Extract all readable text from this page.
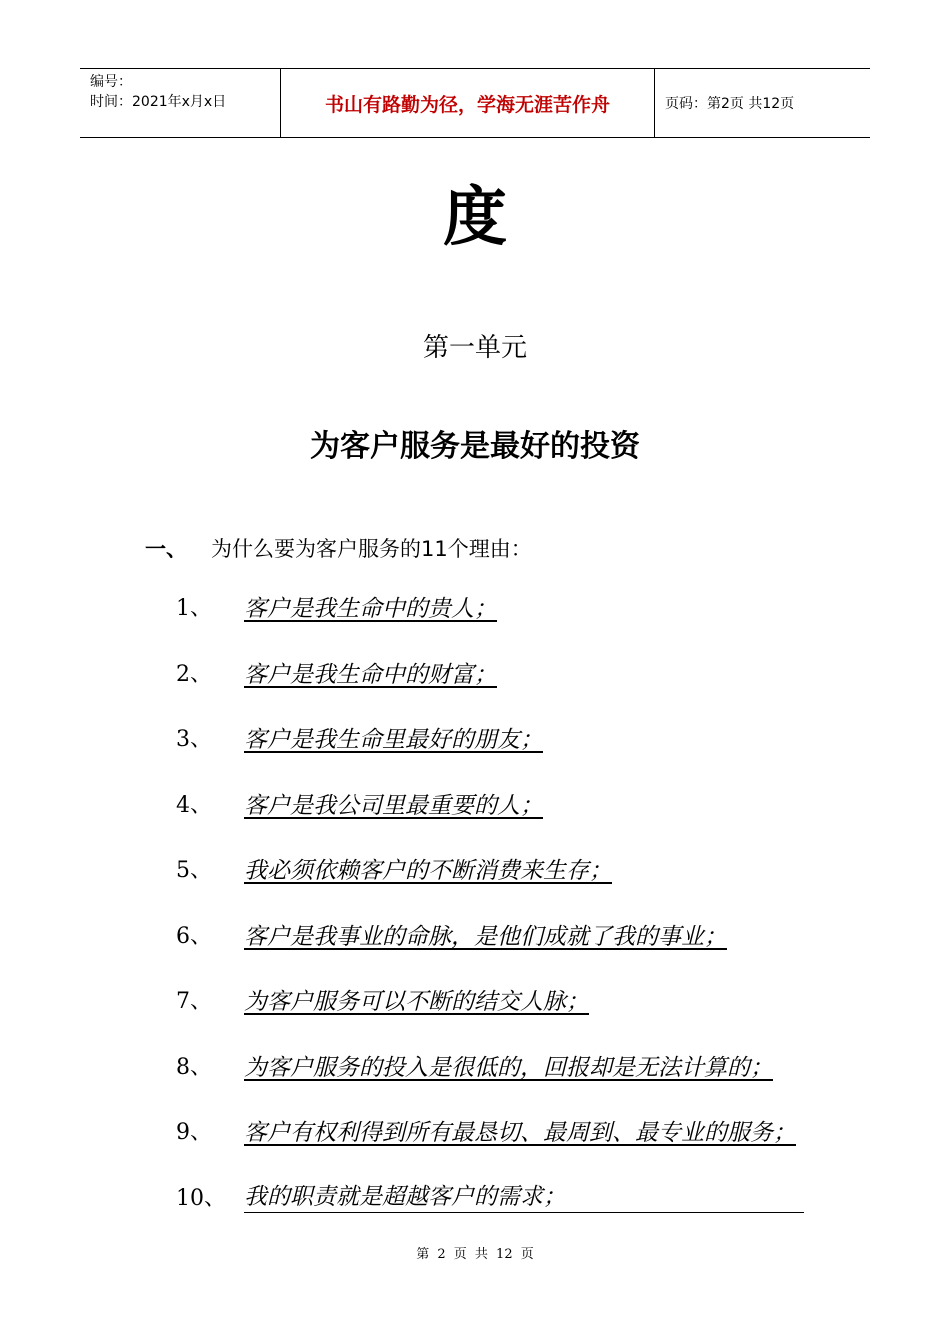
编号：
时间：2021年x月x日	书山有路勤为径，学海无涯苦作舟	页码：第2页 共12页
度
第一单元
为客户服务是最好的投资
一、 为什么要为客户服务的11个理由：
1、	客户是我生命中的贵人；
2、	客户是我生命中的财富；
3、	客户是我生命里最好的朋友；
4、	客户是我公司里最重要的人；
5、	我必须依赖客户的不断消费来生存；
6、	客户是我事业的命脉，是他们成就了我的事业；
7、	为客户服务可以不断的结交人脉；
8、	为客户服务的投入是很低的，回报却是无法计算的；
9、	客户有权利得到所有最恳切、最周到、最专业的服务；
10、 我的职责就是超越客户的需求；
第 2 页 共 12 页
